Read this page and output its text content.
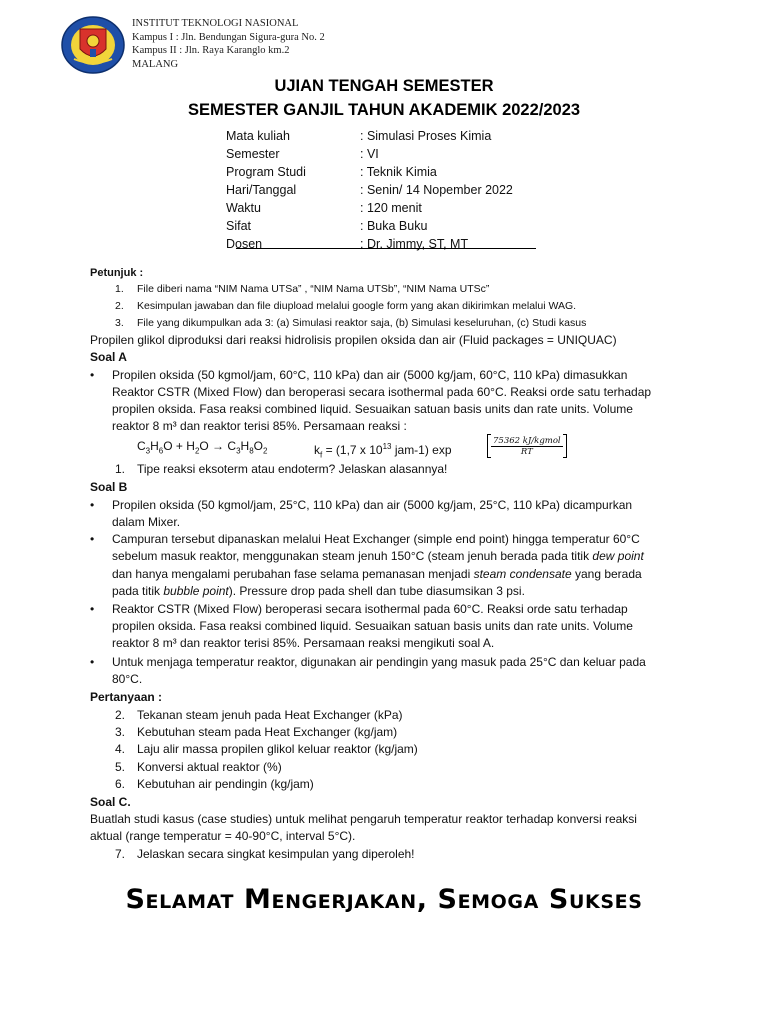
INSTITUT TEKNOLOGI NASIONAL
Kampus I : Jln. Bendungan Sigura-gura No. 2
Kampus II : Jln. Raya Karanglo km.2
MALANG
UJIAN TENGAH SEMESTER
SEMESTER GANJIL TAHUN AKADEMIK 2022/2023
Mata kuliah	: Simulasi Proses Kimia
Semester	: VI
Program Studi	: Teknik Kimia
Hari/Tanggal	: Senin/ 14 Nopember 2022
Waktu	: 120 menit
Sifat	: Buka Buku
Dosen	: Dr. Jimmy, ST, MT
Petunjuk :
1. File diberi nama “NIM Nama UTSa” , “NIM Nama UTSb”, “NIM Nama UTSc”
2. Kesimpulan jawaban dan file diupload melalui google form yang akan dikirimkan melalui WAG.
3. File yang dikumpulkan ada 3: (a) Simulasi reaktor saja, (b) Simulasi keseluruhan, (c) Studi kasus
Propilen glikol diproduksi dari reaksi hidrolisis propilen oksida dan air (Fluid packages = UNIQUAC)
Soal A
• Propilen oksida (50 kgmol/jam, 60°C, 110 kPa) dan air (5000 kg/jam, 60°C, 110 kPa) dimasukkan
Reaktor CSTR (Mixed Flow) dan beroperasi secara isothermal pada 60°C. Reaksi orde satu terhadap
propilen oksida. Fasa reaksi combined liquid. Sesuaikan satuan basis units dan rate units. Volume
reaktor 8 m³ dan reaktor terisi 85%. Persamaan reaksi :
$C_3H_6O + H_2O \to C_3H_8O_2$	$k_f = (1,7$ x $10^{13}$ jam-1) exp	$\frac{\text{75362 kJ/kgmol}}{RT}$
1. Tipe reaksi eksoterm atau endoterm? Jelaskan alasannya!
Soal B
• Propilen oksida (50 kgmol/jam, 25°C, 110 kPa) dan air (5000 kg/jam, 25°C, 110 kPa) dicampurkan
dalam Mixer.
• Campuran tersebut dipanaskan melalui Heat Exchanger (simple end point) hingga temperatur 60°C
sebelum masuk reaktor, menggunakan steam jenuh 150°C (steam jenuh berada pada titik dew point
dan hanya mengalami perubahan fase selama pemanasan menjadi steam condensate yang berada
pada titik bubble point). Pressure drop pada shell dan tube diasumsikan 3 psi.
• Reaktor CSTR (Mixed Flow) beroperasi secara isothermal pada 60°C. Reaksi orde satu terhadap
propilen oksida. Fasa reaksi combined liquid. Sesuaikan satuan basis units dan rate units. Volume
reaktor 8 m³ dan reaktor terisi 85%. Persamaan reaksi mengikuti soal A.
• Untuk menjaga temperatur reaktor, digunakan air pendingin yang masuk pada 25°C dan keluar pada
80°C.
Pertanyaan :
2. Tekanan steam jenuh pada Heat Exchanger (kPa)
3. Kebutuhan steam pada Heat Exchanger (kg/jam)
4. Laju alir massa propilen glikol keluar reaktor (kg/jam)
5. Konversi aktual reaktor (%)
6. Kebutuhan air pendingin (kg/jam)
Soal C.
Buatlah studi kasus (case studies) untuk melihat pengaruh temperatur reaktor terhadap konversi reaksi
aktual (range temperatur = 40-90°C, interval 5°C).
7. Jelaskan secara singkat kesimpulan yang diperoleh!
Selamat Mengerjakan, Semoga Sukses
